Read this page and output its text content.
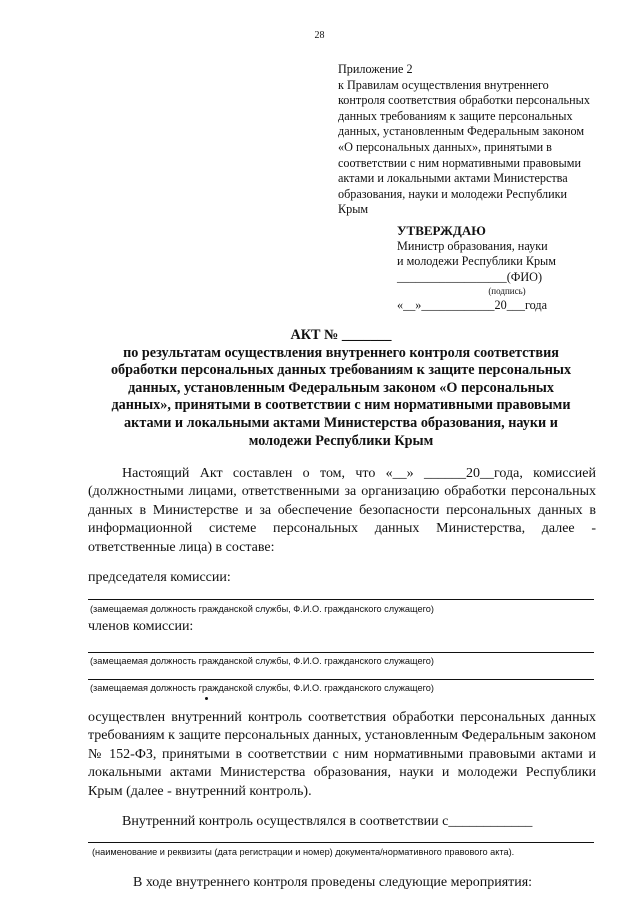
28
Приложение 2
к Правилам осуществления внутреннего контроля соответствия обработки персональных данных требованиям к защите персональных данных, установленным Федеральным законом «О персональных данных», принятыми в соответствии с ним нормативными правовыми актами и локальными актами Министерства образования, науки и молодежи Республики Крым
УТВЕРЖДАЮ
Министр образования, науки
и молодежи Республики Крым
__________________(ФИО)
(подпись)
«__»____________20___года
АКТ № _______
по результатам осуществления внутреннего контроля соответствия обработки персональных данных требованиям к защите персональных данных, установленным Федеральным законом «О персональных данных», принятыми в соответствии с ним нормативными правовыми актами и локальными актами Министерства образования, науки и молодежи Республики Крым
Настоящий Акт составлен о том, что «__» ______20__года, комиссией (должностными лицами, ответственными за организацию обработки персональных данных в Министерстве и за обеспечение безопасности персональных данных в информационной системе персональных данных Министерства, далее - ответственные лица) в составе:
председателя комиссии:
(замещаемая должность гражданской службы, Ф.И.О. гражданского служащего)
членов комиссии:
(замещаемая должность гражданской службы, Ф.И.О. гражданского служащего)
(замещаемая должность гражданской службы, Ф.И.О. гражданского служащего)
осуществлен внутренний контроль соответствия обработки персональных данных требованиям к защите персональных данных, установленным Федеральным законом № 152-ФЗ, принятыми в соответствии с ним нормативными правовыми актами и локальными актами Министерства образования, науки и молодежи Республики Крым (далее - внутренний контроль).
Внутренний контроль осуществлялся в соответствии с____________
(наименование и реквизиты (дата регистрации и номер) документа/нормативного правового акта).
В ходе внутреннего контроля проведены следующие мероприятия:
